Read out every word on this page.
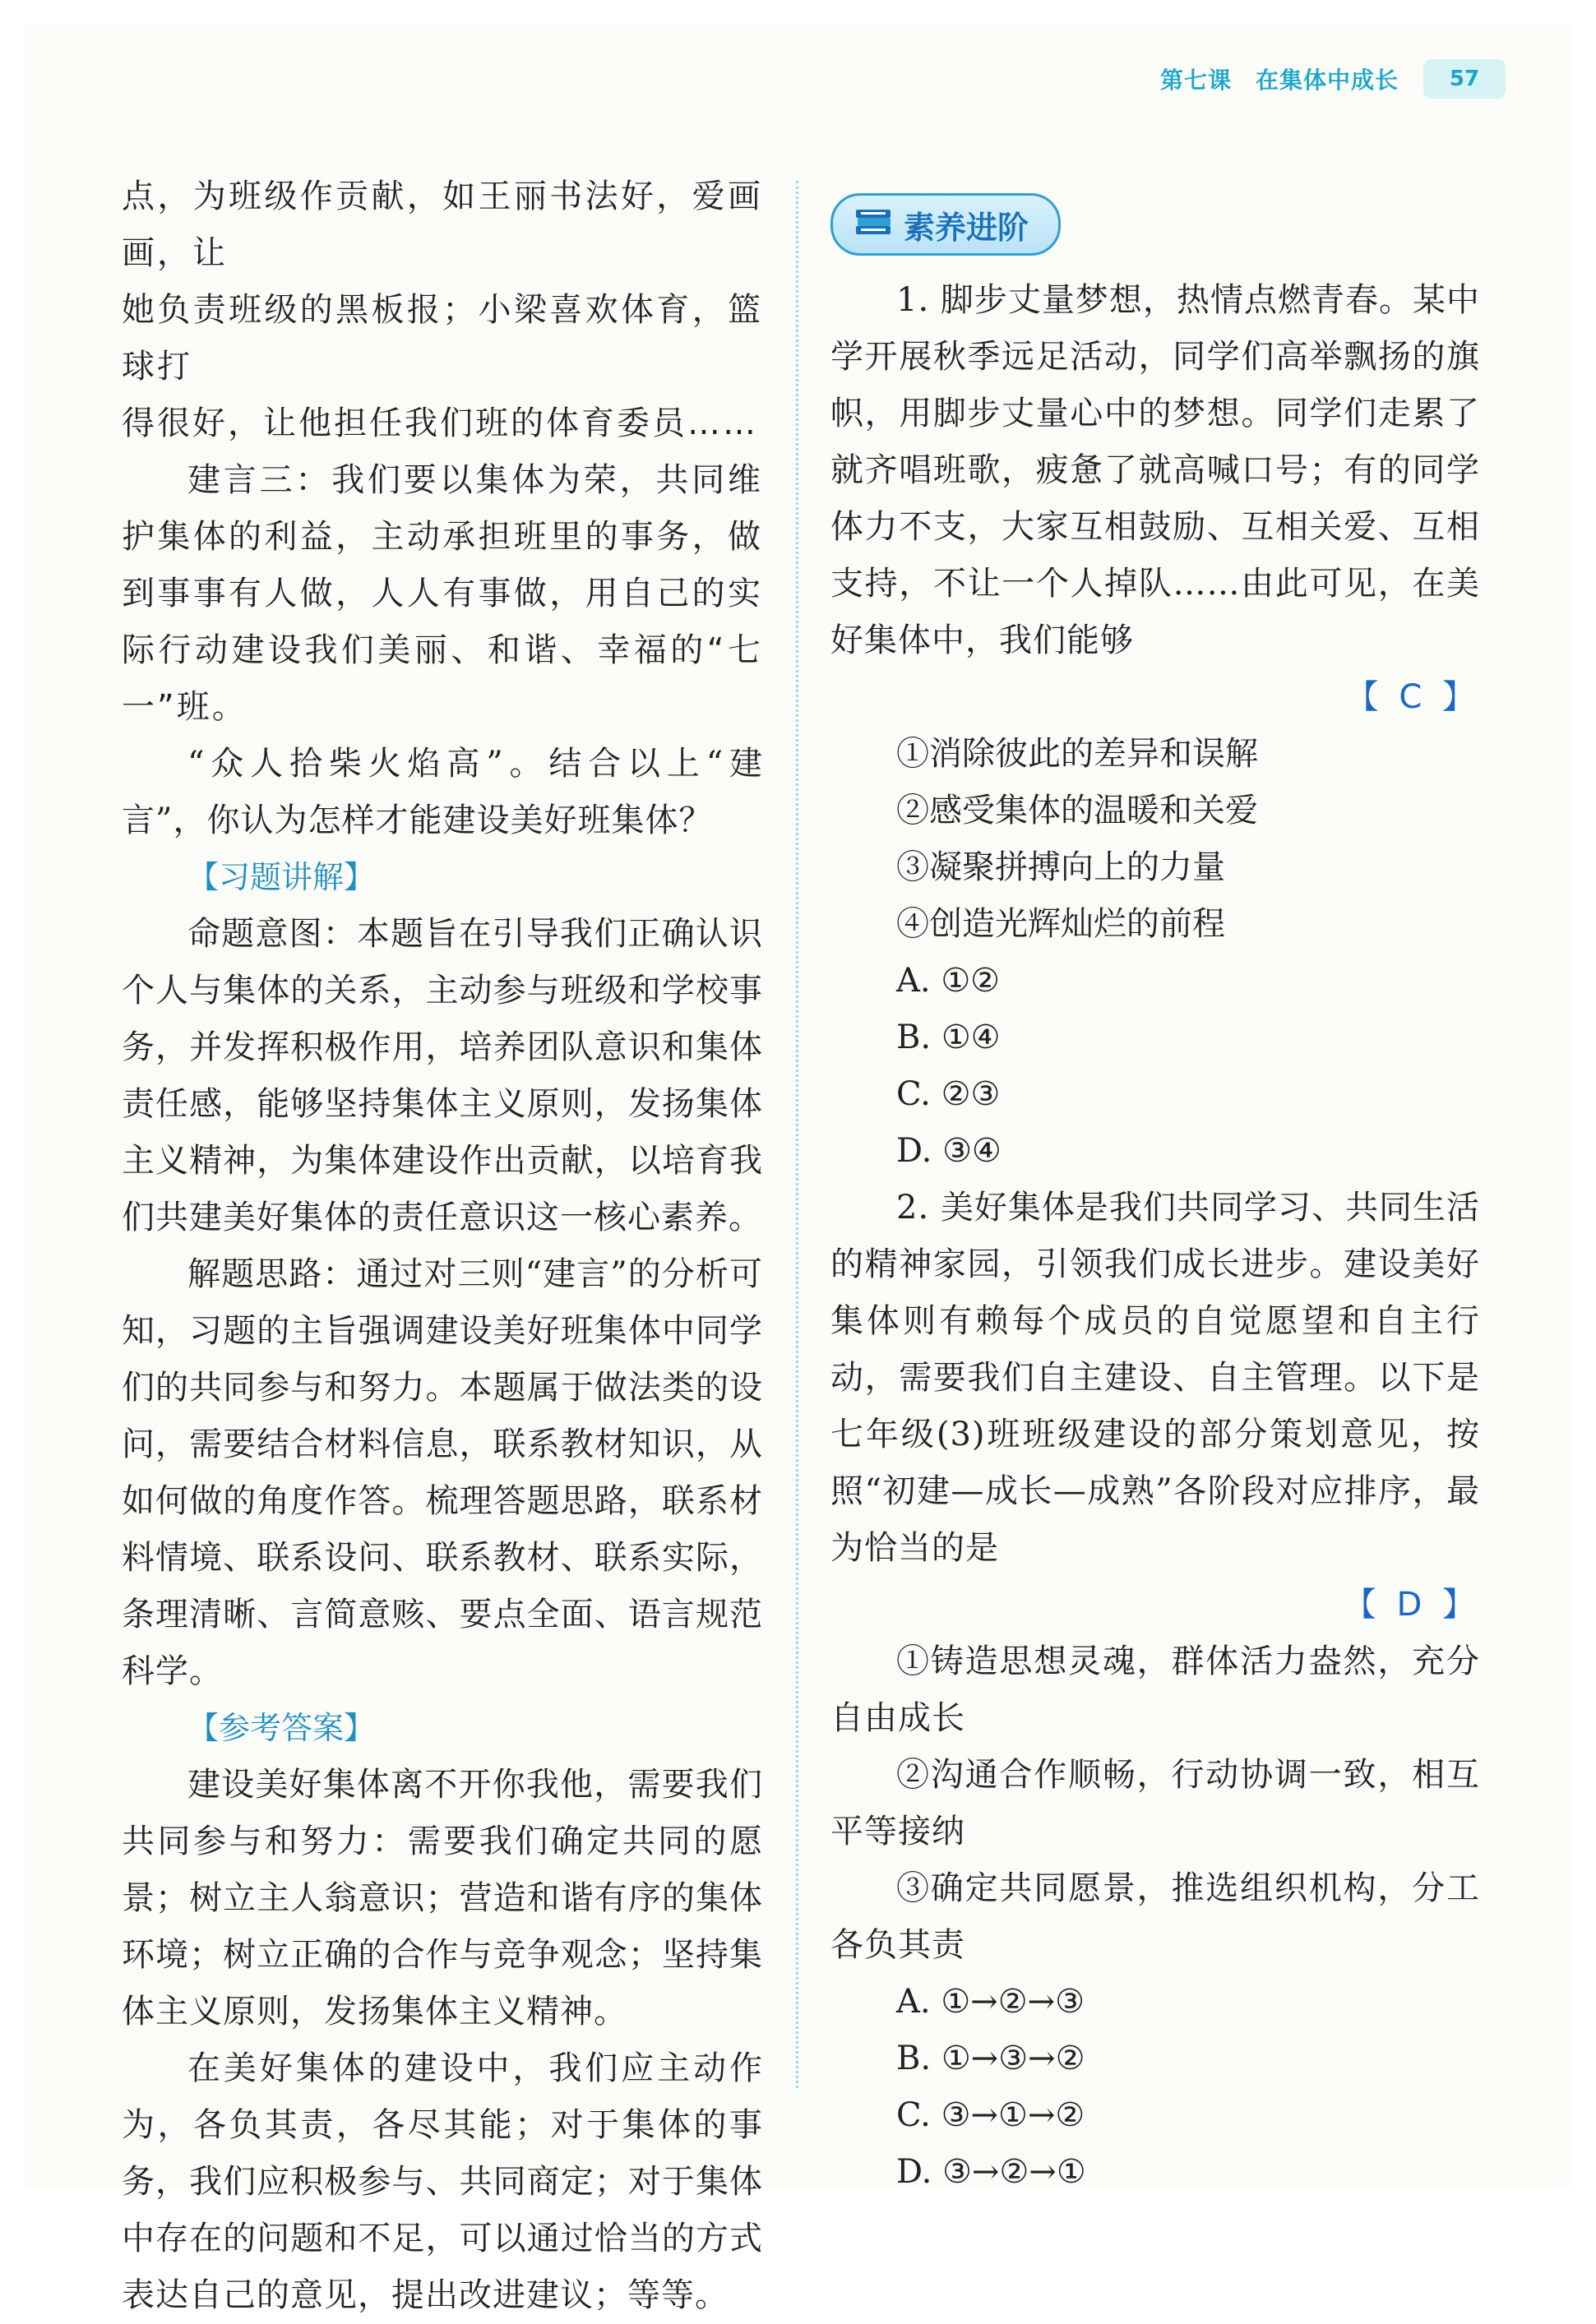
第七课　在集体中成长	57

点，为班级作贡献，如王丽书法好，爱画画，让

她负责班级的黑板报；小梁喜欢体育，篮球打

得很好，让他担任我们班的体育委员……

建言三：我们要以集体为荣，共同维护集体的利益，主动承担班里的事务，做到事事有人做，人人有事做，用自己的实际行动建设我们美丽、和谐、幸福的“七一”班。

“众人拾柴火焰高”。结合以上“建言”，你认为怎样才能建设美好班集体？

【习题讲解】

命题意图：本题旨在引导我们正确认识个人与集体的关系，主动参与班级和学校事务，并发挥积极作用，培养团队意识和集体责任感，能够坚持集体主义原则，发扬集体主义精神，为集体建设作出贡献，以培育我们共建美好集体的责任意识这一核心素养。

解题思路：通过对三则“建言”的分析可知，习题的主旨强调建设美好班集体中同学们的共同参与和努力。本题属于做法类的设问，需要结合材料信息，联系教材知识，从如何做的角度作答。梳理答题思路，联系材料情境、联系设问、联系教材、联系实际，条理清晰、言简意赅、要点全面、语言规范科学。

【参考答案】

建设美好集体离不开你我他，需要我们共同参与和努力：需要我们确定共同的愿景；树立主人翁意识；营造和谐有序的集体环境；树立正确的合作与竞争观念；坚持集体主义原则，发扬集体主义精神。

在美好集体的建设中，我们应主动作为，各负其责，各尽其能；对于集体的事务，我们应积极参与、共同商定；对于集体中存在的问题和不足，可以通过恰当的方式表达自己的意见，提出改进建议；等等。

素养进阶

1. 脚步丈量梦想，热情点燃青春。某中学开展秋季远足活动，同学们高举飘扬的旗帜，用脚步丈量心中的梦想。同学们走累了就齐唱班歌，疲惫了就高喊口号；有的同学体力不支，大家互相鼓励、互相关爱、互相支持，不让一个人掉队……由此可见，在美好集体中，我们能够

【 C 】

①消除彼此的差异和误解

②感受集体的温暖和关爱

③凝聚拼搏向上的力量

④创造光辉灿烂的前程

A. ①②

B. ①④

C. ②③

D. ③④

2. 美好集体是我们共同学习、共同生活的精神家园，引领我们成长进步。建设美好集体则有赖每个成员的自觉愿望和自主行动，需要我们自主建设、自主管理。以下是七年级(3)班班级建设的部分策划意见，按照“初建—成长—成熟”各阶段对应排序，最为恰当的是

【 D 】

①铸造思想灵魂，群体活力盎然，充分自由成长

②沟通合作顺畅，行动协调一致，相互平等接纳

③确定共同愿景，推选组织机构，分工各负其责

A. ①→②→③

B. ①→③→②

C. ③→①→②

D. ③→②→①
